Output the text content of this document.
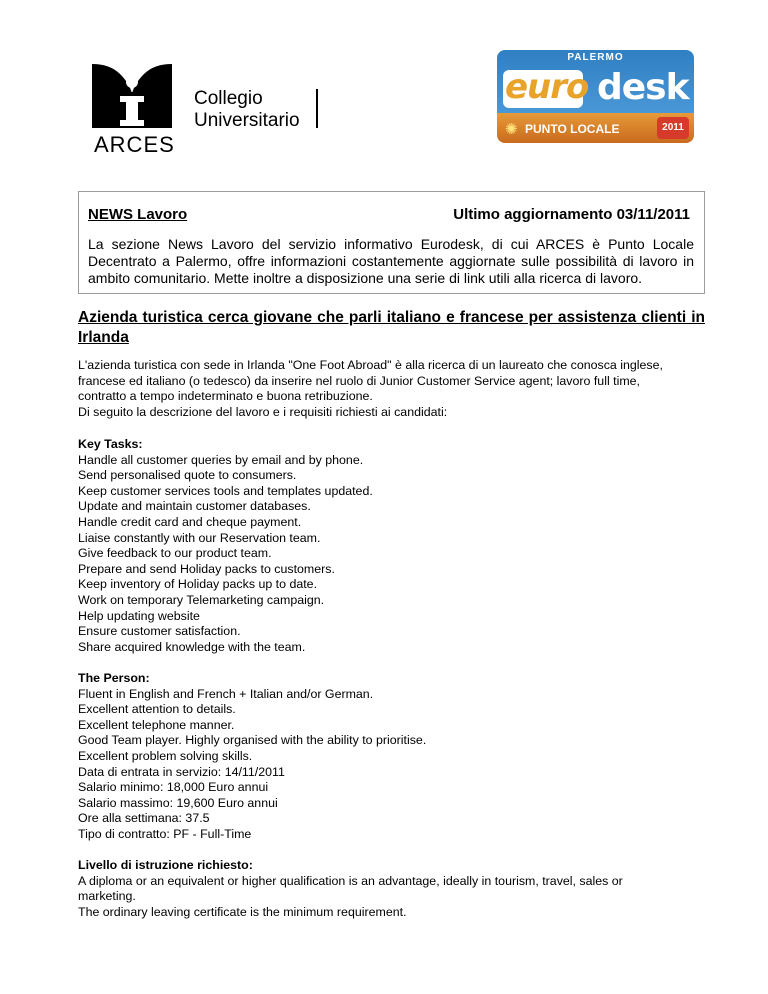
ARCES
Collegio
Universitario
PALERMO
euro desk
✺ PUNTO LOCALE	2011
NEWS Lavoro	Ultimo aggiornamento 03/11/2011
La sezione News Lavoro del servizio informativo Eurodesk, di cui ARCES è Punto Locale Decentrato a Palermo, offre informazioni costantemente aggiornate sulle possibilità di lavoro in ambito comunitario. Mette inoltre a disposizione una serie di link utili alla ricerca di lavoro.
Azienda turistica cerca giovane che parli italiano e francese per assistenza clienti in Irlanda
L'azienda turistica con sede in Irlanda "One Foot Abroad" è alla ricerca di un laureato che conosca inglese,
francese ed italiano (o tedesco) da inserire nel ruolo di Junior Customer Service agent; lavoro full time,
contratto a tempo indeterminato e buona retribuzione.
Di seguito la descrizione del lavoro e i requisiti richiesti ai candidati:
Key Tasks:
Handle all customer queries by email and by phone.
Send personalised quote to consumers.
Keep customer services tools and templates updated.
Update and maintain customer databases.
Handle credit card and cheque payment.
Liaise constantly with our Reservation team.
Give feedback to our product team.
Prepare and send Holiday packs to customers.
Keep inventory of Holiday packs up to date.
Work on temporary Telemarketing campaign.
Help updating website
Ensure customer satisfaction.
Share acquired knowledge with the team.
The Person:
Fluent in English and French + Italian and/or German.
Excellent attention to details.
Excellent telephone manner.
Good Team player. Highly organised with the ability to prioritise.
Excellent problem solving skills.
Data di entrata in servizio: 14/11/2011
Salario minimo: 18,000 Euro annui
Salario massimo: 19,600 Euro annui
Ore alla settimana: 37.5
Tipo di contratto: PF - Full-Time
Livello di istruzione richiesto:
A diploma or an equivalent or higher qualification is an advantage, ideally in tourism, travel, sales or
marketing.
The ordinary leaving certificate is the minimum requirement.
